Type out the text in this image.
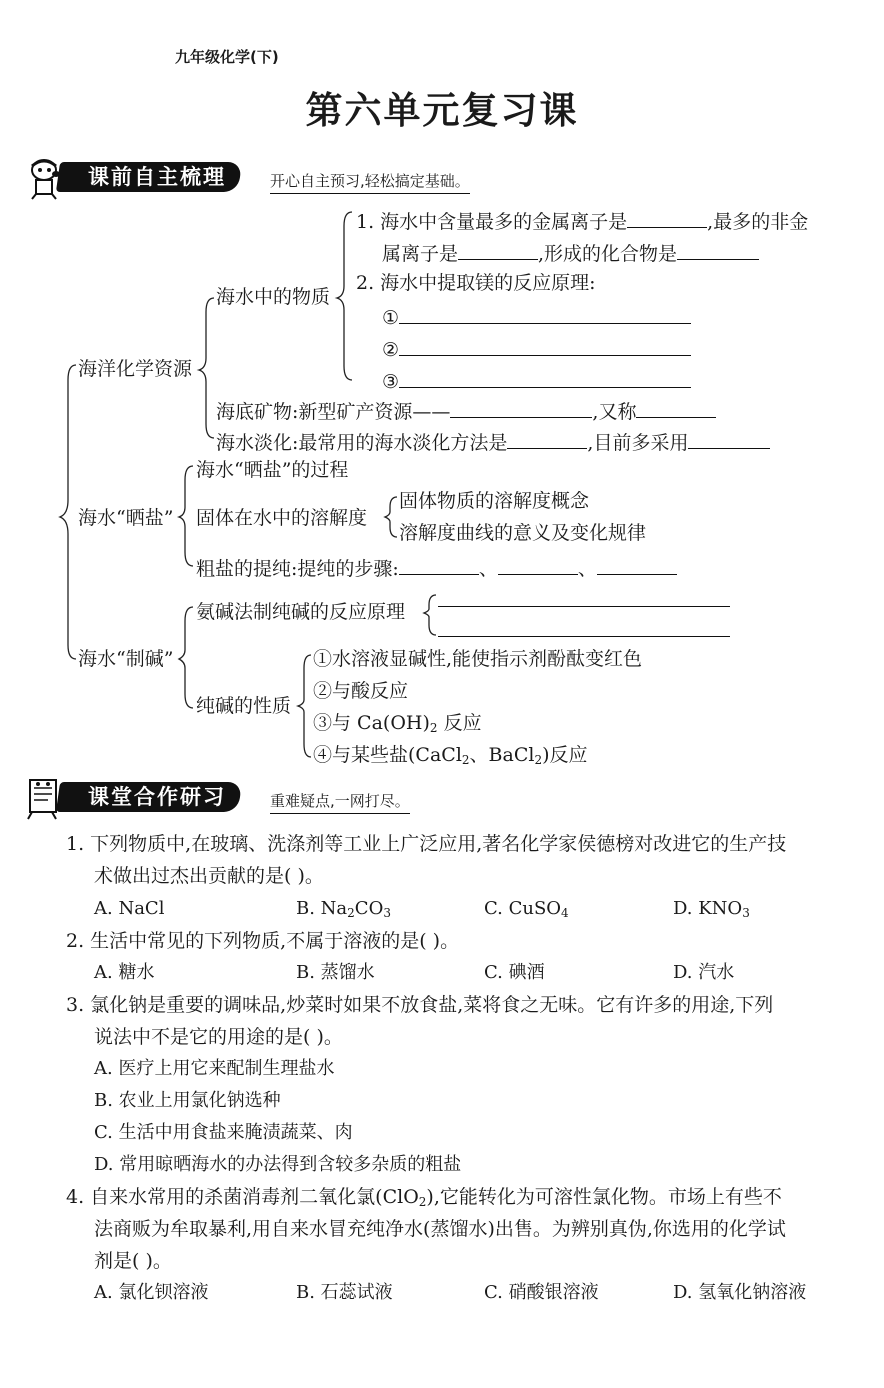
九年级化学(下)
第六单元复习课
课前自主梳理	开心自主预习,轻松搞定基础。
海洋化学资源
海水中的物质
1. 海水中含量最多的金属离子是	,最多的非金
属离子是	,形成的化合物是
2. 海水中提取镁的反应原理:
①
②
③
海底矿物:新型矿产资源——	,又称
海水淡化:最常用的海水淡化方法是	,目前多采用
海水“晒盐”
海水“晒盐”的过程
固体在水中的溶解度
固体物质的溶解度概念
溶解度曲线的意义及变化规律
粗盐的提纯:提纯的步骤:	、	、
海水“制碱”
氨碱法制纯碱的反应原理
纯碱的性质
①水溶液显碱性,能使指示剂酚酞变红色
②与酸反应
③与 $Ca(OH)_2$ 反应
④与某些盐(CaCl$_2$、BaCl$_2$)反应
课堂合作研习	重难疑点,一网打尽。
1. 下列物质中,在玻璃、洗涤剂等工业上广泛应用,著名化学家侯德榜对改进它的生产技
术做出过杰出贡献的是( )。
A. NaCl	B. $Na_2CO_3$	C. CuSO$_4$	D. $KNO_3$
2. 生活中常见的下列物质,不属于溶液的是( )。
A. 糖水	B. 蒸馏水	C. 碘酒	D. 汽水
3. 氯化钠是重要的调味品,炒菜时如果不放食盐,菜将食之无味。它有许多的用途,下列
说法中不是它的用途的是( )。
A. 医疗上用它来配制生理盐水
B. 农业上用氯化钠选种
C. 生活中用食盐来腌渍蔬菜、肉
D. 常用晾晒海水的办法得到含较多杂质的粗盐
4. 自来水常用的杀菌消毒剂二氧化氯(ClO$_2$),它能转化为可溶性氯化物。市场上有些不
法商贩为牟取暴利,用自来水冒充纯净水(蒸馏水)出售。为辨别真伪,你选用的化学试
剂是( )。
A. 氯化钡溶液	B. 石蕊试液	C. 硝酸银溶液	D. 氢氧化钠溶液
